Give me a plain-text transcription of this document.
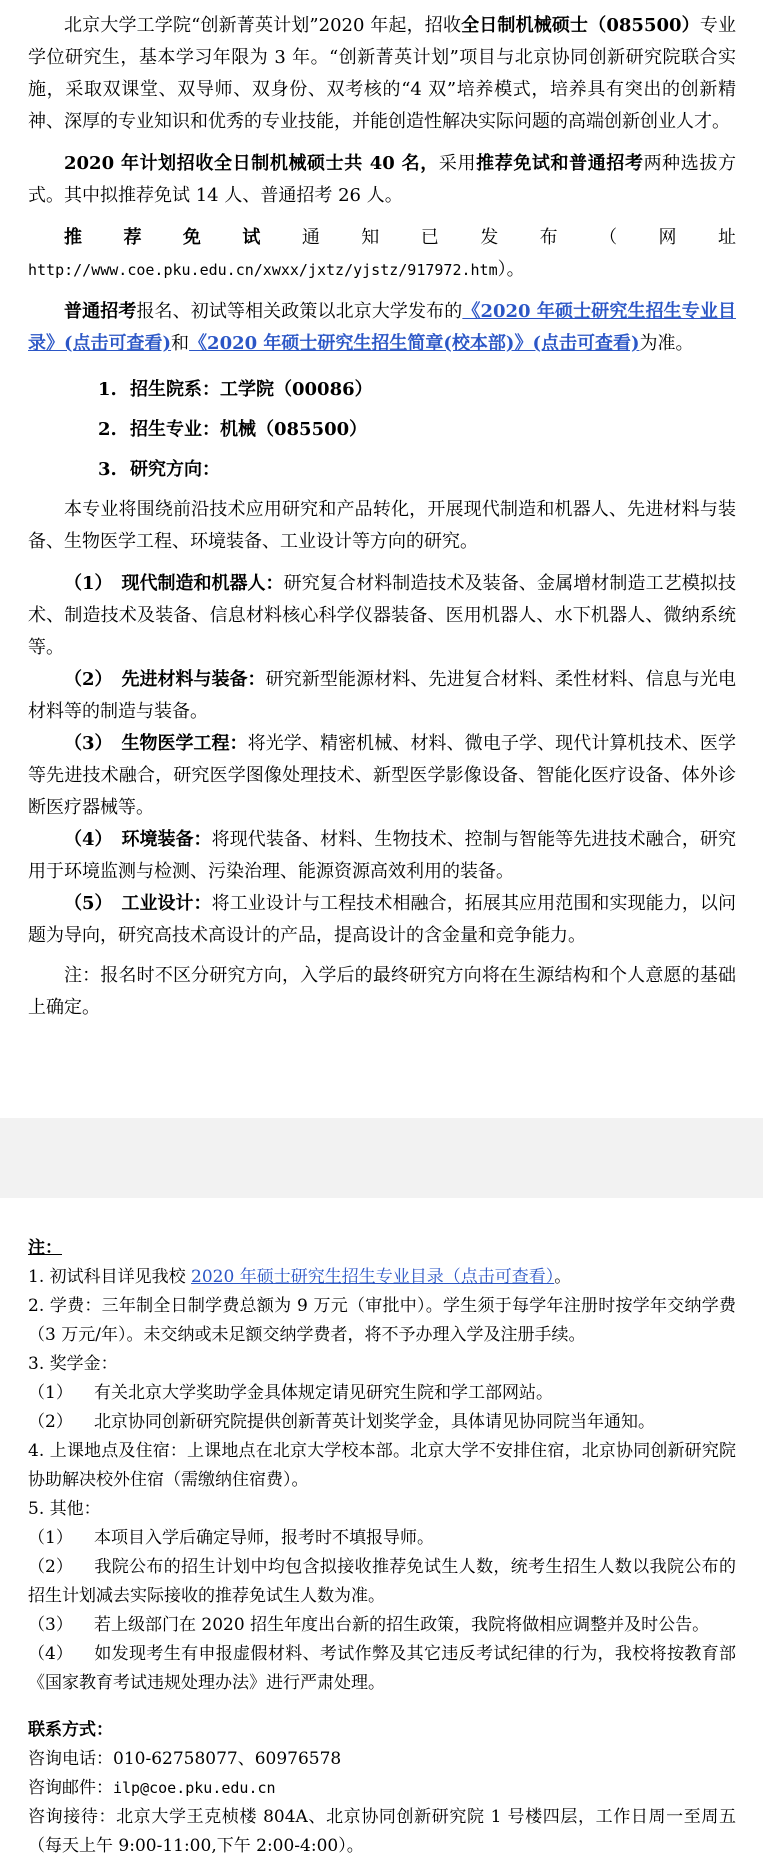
北京大学工学院“创新菁英计划”2020 年起，招收全日制机械硕士（085500）专业学位研究生，基本学习年限为 3 年。“创新菁英计划”项目与北京协同创新研究院联合实施，采取双课堂、双导师、双身份、双考核的“4 双”培养模式，培养具有突出的创新精神、深厚的专业知识和优秀的专业技能，并能创造性解决实际问题的高端创新创业人才。

2020 年计划招收全日制机械硕士共 40 名，采用推荐免试和普通招考两种选拔方式。其中拟推荐免试 14 人、普通招考 26 人。

推荐免试通知已发布（网址 http://www.coe.pku.edu.cn/xwxx/jxtz/yjstz/917972.htm）。

普通招考报名、初试等相关政策以北京大学发布的《2020 年硕士研究生招生专业目录》(点击可查看)和《2020 年硕士研究生招生简章(校本部)》(点击可查看)为准。

1. 招生院系：工学院（00086）

2. 招生专业：机械（085500）

3. 研究方向：

本专业将围绕前沿技术应用研究和产品转化，开展现代制造和机器人、先进材料与装备、生物医学工程、环境装备、工业设计等方向的研究。

（1）　现代制造和机器人：研究复合材料制造技术及装备、金属增材制造工艺模拟技术、制造技术及装备、信息材料核心科学仪器装备、医用机器人、水下机器人、微纳系统等。

（2）　先进材料与装备：研究新型能源材料、先进复合材料、柔性材料、信息与光电材料等的制造与装备。

（3）　生物医学工程：将光学、精密机械、材料、微电子学、现代计算机技术、医学等先进技术融合，研究医学图像处理技术、新型医学影像设备、智能化医疗设备、体外诊断医疗器械等。

（4）　环境装备：将现代装备、材料、生物技术、控制与智能等先进技术融合，研究用于环境监测与检测、污染治理、能源资源高效利用的装备。

（5）　工业设计：将工业设计与工程技术相融合，拓展其应用范围和实现能力，以问题为导向，研究高技术高设计的产品，提高设计的含金量和竞争能力。

注：报名时不区分研究方向，入学后的最终研究方向将在生源结构和个人意愿的基础上确定。

注：

1. 初试科目详见我校 2020 年硕士研究生招生专业目录（点击可查看）。

2. 学费：三年制全日制学费总额为 9 万元（审批中）。学生须于每学年注册时按学年交纳学费（3 万元/年）。未交纳或未足额交纳学费者，将不予办理入学及注册手续。

3. 奖学金：

（1） 有关北京大学奖助学金具体规定请见研究生院和学工部网站。

（2） 北京协同创新研究院提供创新菁英计划奖学金，具体请见协同院当年通知。

4. 上课地点及住宿：上课地点在北京大学校本部。北京大学不安排住宿，北京协同创新研究院协助解决校外住宿（需缴纳住宿费）。

5. 其他：

（1） 本项目入学后确定导师，报考时不填报导师。

（2） 我院公布的招生计划中均包含拟接收推荐免试生人数，统考生招生人数以我院公布的招生计划减去实际接收的推荐免试生人数为准。

（3） 若上级部门在 2020 招生年度出台新的招生政策，我院将做相应调整并及时公告。

（4） 如发现考生有申报虚假材料、考试作弊及其它违反考试纪律的行为，我校将按教育部《国家教育考试违规处理办法》进行严肃处理。

联系方式：

咨询电话：010-62758077、60976578

咨询邮件：ilp@coe.pku.edu.cn

咨询接待：北京大学王克桢楼 804A、北京协同创新研究院 1 号楼四层，工作日周一至周五（每天上午 9:00-11:00,下午 2:00-4:00）。
